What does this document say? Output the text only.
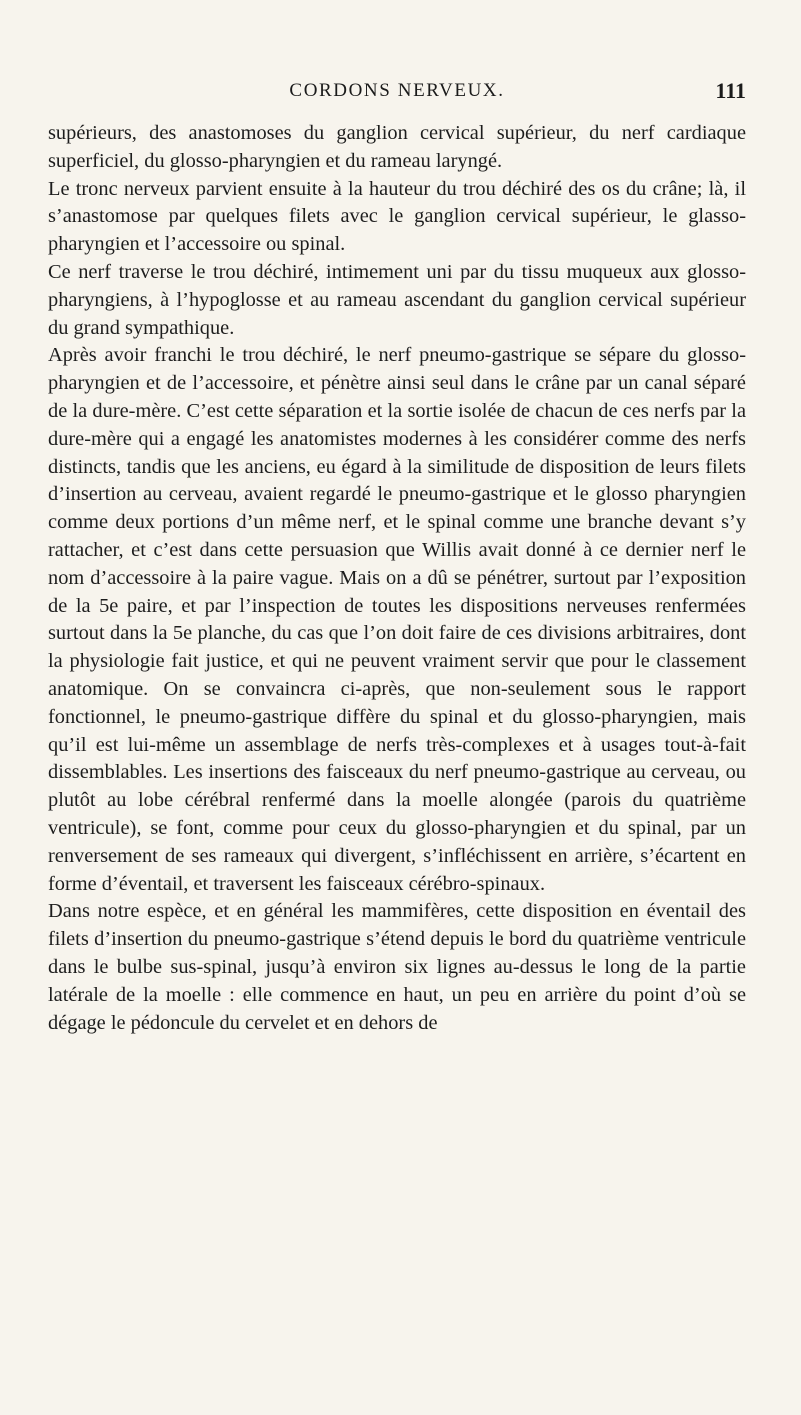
CORDONS NERVEUX.	111

supérieurs, des anastomoses du ganglion cervical supérieur, du nerf cardiaque superficiel, du glosso-pharyngien et du rameau laryngé.

Le tronc nerveux parvient ensuite à la hauteur du trou déchiré des os du crâne; là, il s’anastomose par quelques filets avec le ganglion cervical supérieur, le glasso-pharyngien et l’accessoire ou spinal.

Ce nerf traverse le trou déchiré, intimement uni par du tissu muqueux aux glosso-pharyngiens, à l’hypoglosse et au rameau ascendant du ganglion cervical supérieur du grand sympathique.

Après avoir franchi le trou déchiré, le nerf pneumo-gastrique se sépare du glosso-pharyngien et de l’accessoire, et pénètre ainsi seul dans le crâne par un canal séparé de la dure-mère. C’est cette séparation et la sortie isolée de chacun de ces nerfs par la dure-mère qui a engagé les anatomistes modernes à les considérer comme des nerfs distincts, tandis que les anciens, eu égard à la similitude de disposition de leurs filets d’insertion au cerveau, avaient regardé le pneumo-gastrique et le glosso pharyngien comme deux portions d’un même nerf, et le spinal comme une branche devant s’y rattacher, et c’est dans cette persuasion que Willis avait donné à ce dernier nerf le nom d’accessoire à la paire vague. Mais on a dû se pénétrer, surtout par l’exposition de la 5e paire, et par l’inspection de toutes les dispositions nerveuses renfermées surtout dans la 5e planche, du cas que l’on doit faire de ces divisions arbitraires, dont la physiologie fait justice, et qui ne peuvent vraiment servir que pour le classement anatomique. On se convaincra ci-après, que non-seulement sous le rapport fonctionnel, le pneumo-gastrique diffère du spinal et du glosso-pharyngien, mais qu’il est lui-même un assemblage de nerfs très-complexes et à usages tout-à-fait dissemblables. Les insertions des faisceaux du nerf pneumo-gastrique au cerveau, ou plutôt au lobe cérébral renfermé dans la moelle alongée (parois du quatrième ventricule), se font, comme pour ceux du glosso-pharyngien et du spinal, par un renversement de ses rameaux qui divergent, s’infléchissent en arrière, s’écartent en forme d’éventail, et traversent les faisceaux cérébro-spinaux.

Dans notre espèce, et en général les mammifères, cette disposition en éventail des filets d’insertion du pneumo-gastrique s’étend depuis le bord du quatrième ventricule dans le bulbe sus-spinal, jusqu’à environ six lignes au-dessus le long de la partie latérale de la moelle : elle commence en haut, un peu en arrière du point d’où se dégage le pédoncule du cervelet et en dehors de
